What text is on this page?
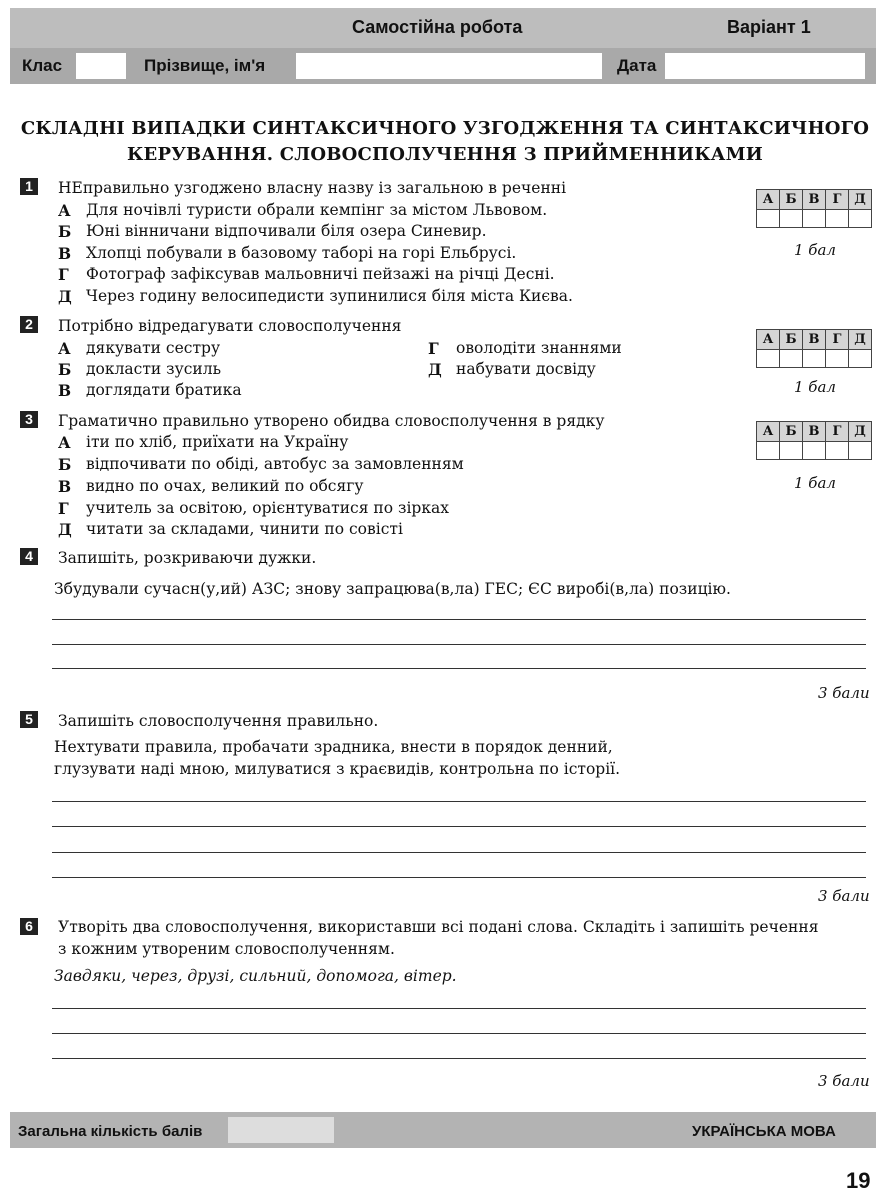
Самостійна робота	Варіант 1
Клас	Прізвище, ім'я	Дата
СКЛАДНІ ВИПАДКИ СИНТАКСИЧНОГО УЗГОДЖЕННЯ ТА СИНТАКСИЧНОГО
КЕРУВАННЯ. СЛОВОСПОЛУЧЕННЯ З ПРИЙМЕННИКАМИ
1	НЕправильно узгоджено власну назву із загальною в реченні
А Для ночівлі туристи обрали кемпінг за містом Львовом.
Б Юні вінничани відпочивали біля озера Синевир.
В Хлопці побували в базовому таборі на горі Ельбрусі.
Г Фотограф зафіксував мальовничі пейзажі на річці Десні.
Д Через годину велосипедисти зупинилися біля міста Києва.
А	Б	В	Г	Д

1 бал
2	Потрібно відредагувати словосполучення
А дякувати сестру
Б докласти зусиль
В доглядати братика
Г оволодіти знаннями
Д набувати досвіду
А	Б	В	Г	Д

1 бал
3	Граматично правильно утворено обидва словосполучення в рядку
А іти по хліб, приїхати на Україну
Б відпочивати по обіді, автобус за замовленням
В видно по очах, великий по обсягу
Г учитель за освітою, орієнтуватися по зірках
Д читати за складами, чинити по совісті
А	Б	В	Г	Д

1 бал
4	Запишіть, розкриваючи дужки.
Збудували сучасн(у,ий) АЗС; знову запрацюва(в,ла) ГЕС; ЄС виробі(в,ла) позицію.
3 бали
5	Запишіть словосполучення правильно.
Нехтувати правила, пробачати зрадника, внести в порядок денний,
глузувати наді мною, милуватися з краєвидів, контрольна по історії.
3 бали
6	Утворіть два словосполучення, використавши всі подані слова. Складіть і запишіть речення
з кожним утвореним словосполученням.
Завдяки, через, друзі, сильний, допомога, вітер.
3 бали
Загальна кількість балів	УКРАЇНСЬКА МОВА
19
